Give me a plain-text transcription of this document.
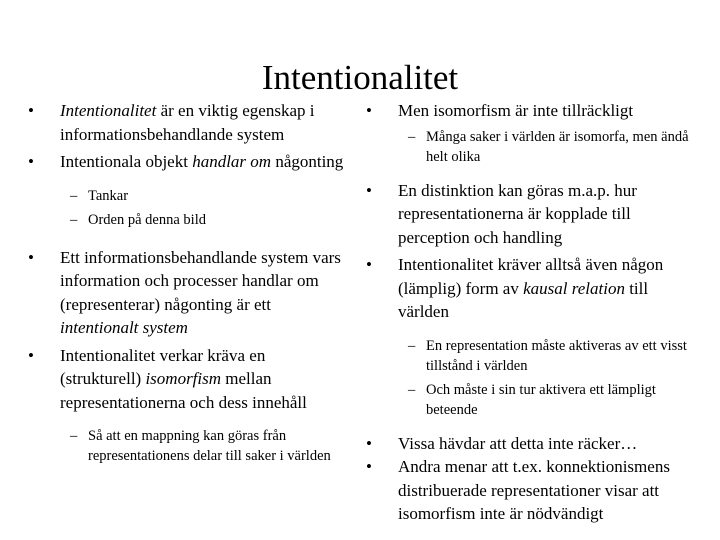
Intentionalitet
• Intentionalitet är en viktig egenskap i informationsbehandlande system
• Intentionala objekt handlar om någonting
– Tankar
– Orden på denna bild
• Ett informationsbehandlande system vars information och processer handlar om (representerar) någonting är ett intentionalt system
• Intentionalitet verkar kräva en (strukturell) isomorfism mellan representationerna och dess innehåll
– Så att en mappning kan göras från representationens delar till saker i världen
• Men isomorfism är inte tillräckligt
– Många saker i världen är isomorfa, men ändå helt olika
• En distinktion kan göras m.a.p. hur representationerna är kopplade till perception och handling
• Intentionalitet kräver alltså även någon (lämplig) form av kausal relation till världen
– En representation måste aktiveras av ett visst tillstånd i världen
– Och måste i sin tur aktivera ett lämpligt beteende
• Vissa hävdar att detta inte räcker…
• Andra menar att t.ex. konnektionismens distribuerade representationer visar att isomorfism inte är nödvändigt
